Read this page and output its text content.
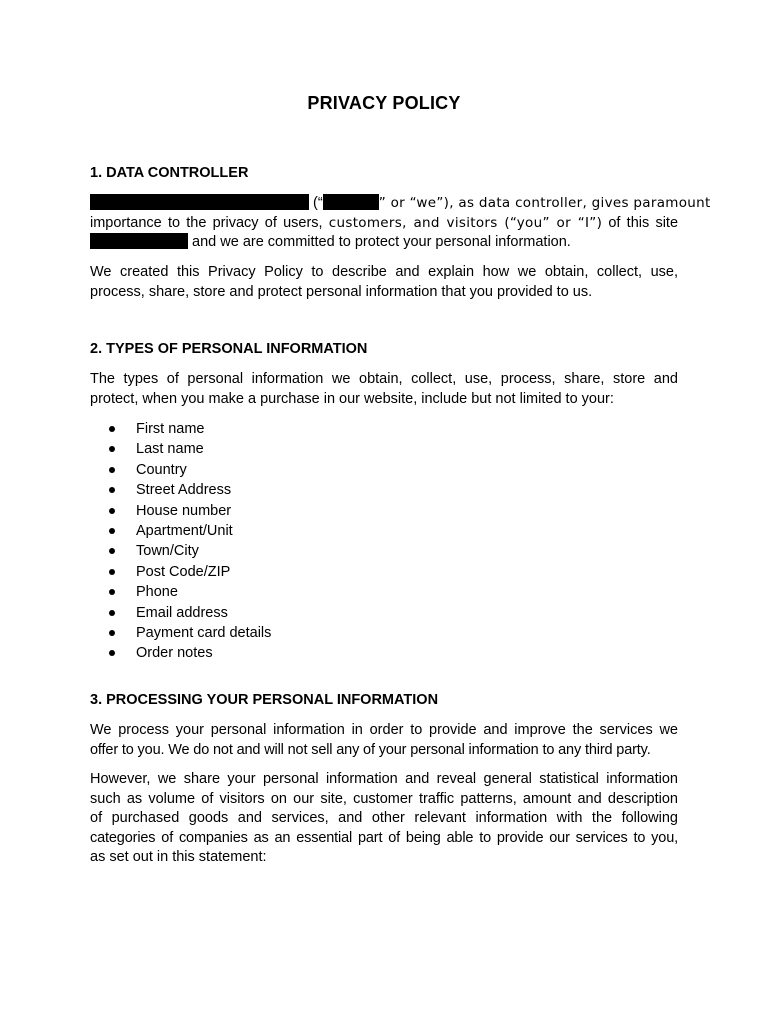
PRIVACY POLICY
1. DATA CONTROLLER
(“	” or “we”), as data controller, gives paramount
importance to the privacy of users, customers, and visitors (“you” or “I”) of this site
and we are committed to protect your personal information.
We created this Privacy Policy to describe and explain how we obtain, collect, use,
process, share, store and protect personal information that you provided to us.
2. TYPES OF PERSONAL INFORMATION
The types of personal information we obtain, collect, use, process, share, store and
protect, when you make a purchase in our website, include but not limited to your:
First name
Last name
Country
Street Address
House number
Apartment/Unit
Town/City
Post Code/ZIP
Phone
Email address
Payment card details
Order notes
3. PROCESSING YOUR PERSONAL INFORMATION
We process your personal information in order to provide and improve the services we
offer to you. We do not and will not sell any of your personal information to any third party.
However, we share your personal information and reveal general statistical information
such as volume of visitors on our site, customer traffic patterns, amount and description
of purchased goods and services, and other relevant information with the following
categories of companies as an essential part of being able to provide our services to you,
as set out in this statement:
